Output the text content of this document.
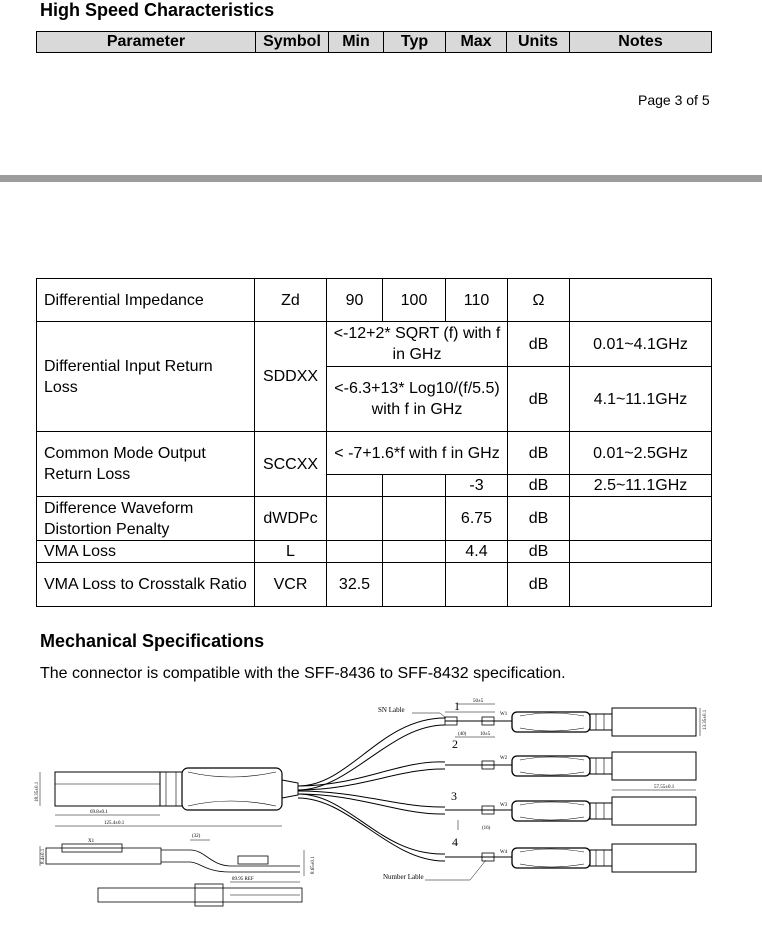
High Speed Characteristics
Parameter	Symbol	Min	Typ	Max	Units	Notes
Page 3 of 5
Differential Impedance	Zd	90	100	110	Ω	
Differential Input Return Loss	SDDXX	<-12+2* SQRT (f) with f in GHz			dB	0.01~4.1GHz
		<-6.3+13* Log10/(f/5.5) with f in GHz			dB	4.1~11.1GHz
Common Mode Output Return Loss	SCCXX	< -7+1.6*f with f in GHz			dB	0.01~2.5GHz
				-3	dB	2.5~11.1GHz
Difference Waveform Distortion Penalty	dWDPc			6.75	dB	
VMA Loss	L			4.4	dB	
VMA Loss to Crosstalk Ratio	VCR	32.5			dB	
Mechanical Specifications
The connector is compatible with the SFF-8436 to SFF-8432 specification.
SN Lable
Number Lable
1
2
3
4
W1
W2
W3
W4
50±5
(40)	10±5
(16)
57.55±0.1
13.35±0.1
69.8±0.1
125.4±0.1
18.35±0.1
X1
(32)
89.95 REF
8.65±0.1
8.4±0.1
